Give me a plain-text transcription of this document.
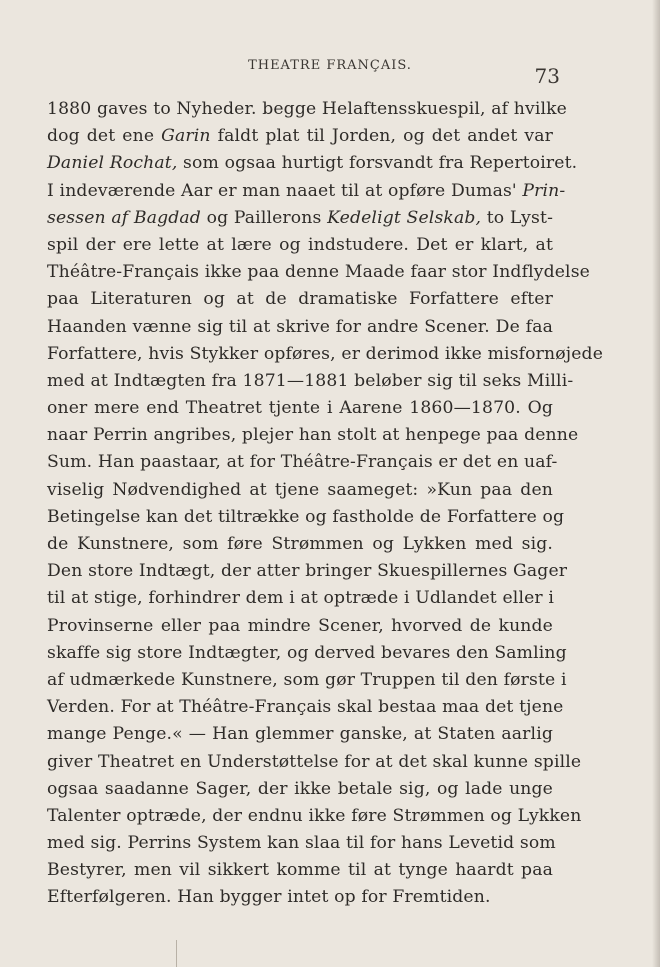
THEATRE FRANÇAIS.	73
1880 gaves to Nyheder. begge Helaftensskuespil, af hvilke
dog det ene Garin faldt plat til Jorden, og det andet var
Daniel Rochat, som ogsaa hurtigt forsvandt fra Repertoiret.
I indeværende Aar er man naaet til at opføre Dumas' Prin-
sessen af Bagdad og Paillerons Kedeligt Selskab, to Lyst-
spil der ere lette at lære og indstudere. Det er klart, at
Théâtre-Français ikke paa denne Maade faar stor Indflydelse
paa Literaturen og at de dramatiske Forfattere efter
Haanden vænne sig til at skrive for andre Scener. De faa
Forfattere, hvis Stykker opføres, er derimod ikke misfornøjede
med at Indtægten fra 1871—1881 beløber sig til seks Milli-
oner mere end Theatret tjente i Aarene 1860—1870. Og
naar Perrin angribes, plejer han stolt at henpege paa denne
Sum. Han paastaar, at for Théâtre-Français er det en uaf-
viselig Nødvendighed at tjene saameget: »Kun paa den
Betingelse kan det tiltrække og fastholde de Forfattere og
de Kunstnere, som føre Strømmen og Lykken med sig.
Den store Indtægt, der atter bringer Skuespillernes Gager
til at stige, forhindrer dem i at optræde i Udlandet eller i
Provinserne eller paa mindre Scener, hvorved de kunde
skaffe sig store Indtægter, og derved bevares den Samling
af udmærkede Kunstnere, som gør Truppen til den første i
Verden. For at Théâtre-Français skal bestaa maa det tjene
mange Penge.« — Han glemmer ganske, at Staten aarlig
giver Theatret en Understøttelse for at det skal kunne spille
ogsaa saadanne Sager, der ikke betale sig, og lade unge
Talenter optræde, der endnu ikke føre Strømmen og Lykken
med sig. Perrins System kan slaa til for hans Levetid som
Bestyrer, men vil sikkert komme til at tynge haardt paa
Efterfølgeren. Han bygger intet op for Fremtiden.
